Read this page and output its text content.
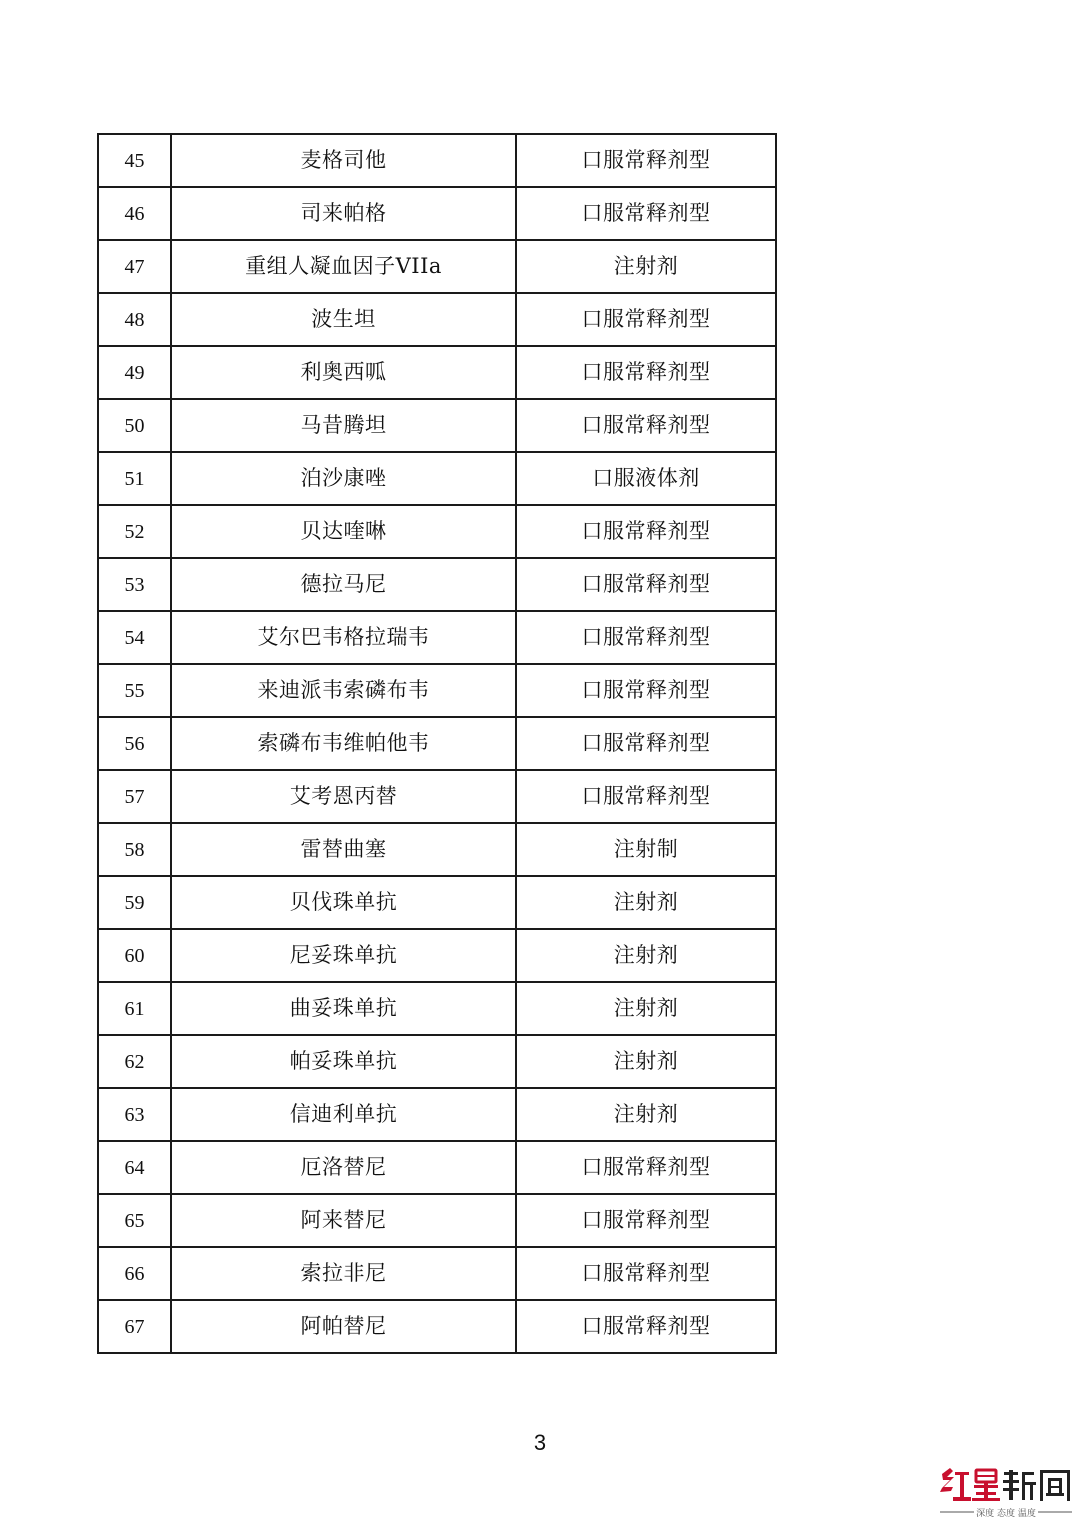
45	麦格司他	口服常释剂型
46	司来帕格	口服常释剂型
47	重组人凝血因子VIIa	注射剂
48	波生坦	口服常释剂型
49	利奥西呱	口服常释剂型
50	马昔腾坦	口服常释剂型
51	泊沙康唑	口服液体剂
52	贝达喹啉	口服常释剂型
53	德拉马尼	口服常释剂型
54	艾尔巴韦格拉瑞韦	口服常释剂型
55	来迪派韦索磷布韦	口服常释剂型
56	索磷布韦维帕他韦	口服常释剂型
57	艾考恩丙替	口服常释剂型
58	雷替曲塞	注射制
59	贝伐珠单抗	注射剂
60	尼妥珠单抗	注射剂
61	曲妥珠单抗	注射剂
62	帕妥珠单抗	注射剂
63	信迪利单抗	注射剂
64	厄洛替尼	口服常释剂型
65	阿来替尼	口服常释剂型
66	索拉非尼	口服常释剂型
67	阿帕替尼	口服常释剂型
3
深度 态度 温度
